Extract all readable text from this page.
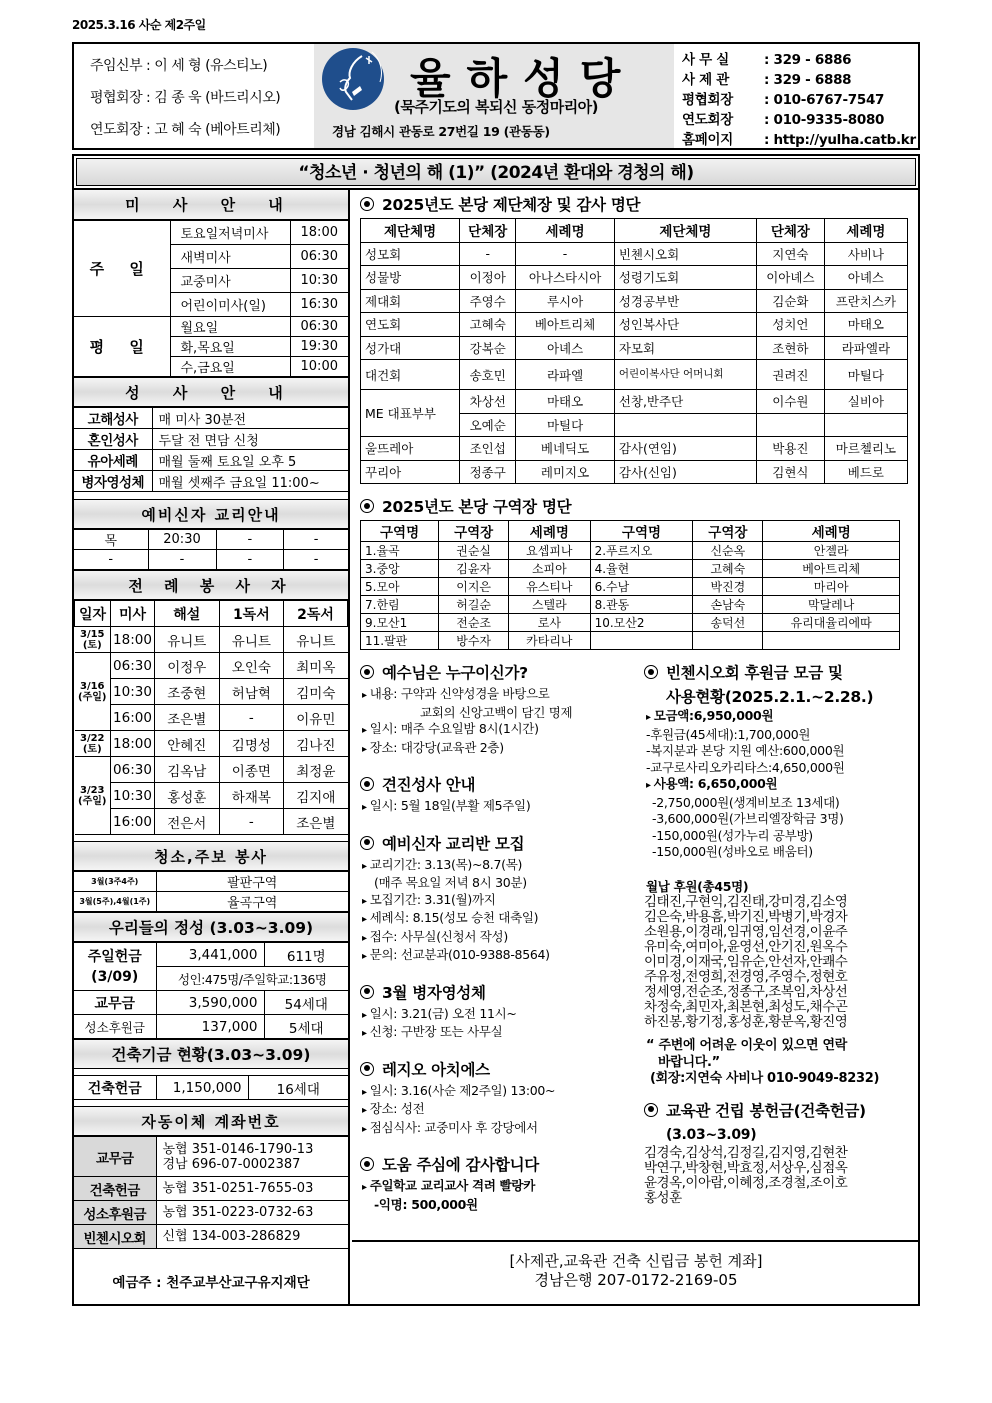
2025.3.16 사순 제2주일
주임신부 : 이 세 형 (유스티노)
평협회장 : 김 종 욱 (바드리시오)
연도회장 : 고 혜 숙 (베아트리체)
율하성당
(묵주기도의 복되신 동정마리아)
경남 김해시 관동로 27번길 19 (관동동)
사 무 실	: 329 - 6886
사 제 관	: 329 - 6888
평협회장 : 010-6767-7547
연도회장 : 010-9335-8080
홈페이지 : http://yulha.catb.kr
“청소년 · 청년의 해 (1)” (2024년 환대와 경청의 해)
미 사 안 내
주 일	토요일저녁미사	18:00
	새벽미사	06:30
	교중미사	10:30
	어린이미사(일)	16:30
평 일	월요일	06:30
	화,목요일	19:30
	수,금요일	10:00
성 사 안 내
고해성사	매 미사 30분전
혼인성사	두달 전 면담 신청
유아세례	매월 둘째 토요일 오후 5
병자영성체	매월 셋째주 금요일 11:00~
예비신자 교리안내
목	20:30	-	-
-	-	-	-
전 례 봉 사 자
일자	미사	해설	1독서	2독서
3/15
(토)	18:00	유니트	유니트	유니트
3/16
(주일)	06:30	이정우	오인숙	최미옥
	10:30	조중현	허남혁	김미숙
	16:00	조은별	-	이유민
3/22
(토)	18:00	안혜진	김명성	김나진
3/23
(주일)	06:30	김옥남	이종면	최정윤
	10:30	홍성훈	하재복	김지애
	16:00	전은서	-	조은별
청소,주보 봉사
3월(3주4주)	팔판구역
3월(5주),4월(1주)	율곡구역
우리들의 정성 (3.03~3.09)
주일헌금
(3/09)	3,441,000	611명
	성인:475명/주일학교:136명	
교무금	3,590,000	54세대
성소후원금	137,000	5세대
건축기금 현황(3.03~3.09)
건축헌금	1,150,000	16세대
자동이체 계좌번호
교무금	농협 351-0146-1790-13
경남 696-07-0002387
건축헌금	농협 351-0251-7655-03
성소후원금	농협 351-0223-0732-63
빈첸시오회	신협 134-003-286829
예금주 : 천주교부산교구유지재단
2025년도 본당 제단체장 및 감사 명단
제단체명	단체장	세례명	제단체명	단체장	세례명
성모회	-	-	빈첸시오회	지연숙	사비나
성물방	이정아	아나스타시아	성령기도회	이아녜스	아녜스
제대회	주영수	루시아	성경공부반	김순화	프란치스카
연도회	고혜숙	베아트리체	성인복사단	성치언	마태오
성가대	강복순	아녜스	자모회	조현하	라파엘라
대건회	송호민	라파엘	어린이복사단 어머니회	권려진	마틸다
ME 대표부부	차상선	마태오	선창,반주단	이수원	실비아
	오예순	마틸다			
울뜨레아	조인섭	베네딕도	감사(연임)	박용진	마르첼리노
꾸리아	정종구	레미지오	감사(신임)	김현식	베드로
2025년도 본당 구역장 명단
구역명	구역장	세례명	구역명	구역장	세례명
1.율곡	권순실	요셉피나	2.푸르지오	신순옥	안젤라
3.중앙	김윤자	소피아	4.율현	고혜숙	베아트리체
5.모아	이지은	유스티나	6.수남	박진경	마리아
7.한림	허길순	스텔라	8.관동	손남숙	막달레나
9.모산1	전순조	로사	10.모산2	송덕선	유리대율리에따
11.팔판	방수자	카타리나			
예수님은 누구이신가?
▸ 내용: 구약과 신약성경을 바탕으로
교회의 신앙고백이 담긴 명제
▸ 일시: 매주 수요일밤 8시(1시간)
▸ 장소: 대강당(교육관 2층)
견진성사 안내
▸ 일시: 5월 18일(부활 제5주일)
예비신자 교리반 모집
▸ 교리기간: 3.13(목)~8.7(목)
(매주 목요일 저녁 8시 30분)
▸ 모집기간: 3.31(월)까지
▸ 세례식: 8.15(성모 승천 대축일)
▸ 접수: 사무실(신청서 작성)
▸ 문의: 선교분과(010-9388-8564)
3월 병자영성체
▸ 일시: 3.21(금) 오전 11시~
▸ 신청: 구반장 또는 사무실
레지오 아치에스
▸ 일시: 3.16(사순 제2주일) 13:00~
▸ 장소: 성전
▸ 점심식사: 교중미사 후 강당에서
도움 주심에 감사합니다
▸ 주일학교 교리교사 격려 빨랑카
-익명: 500,000원
빈첸시오회 후원금 모금 및
사용현황(2025.2.1.~2.28.)
▸ 모금액:6,950,000원
-후원금(45세대):1,700,000원
-복지분과 본당 지원 예산:600,000원
-교구로사리오카리타스:4,650,000원
▸ 사용액: 6,650,000원
-2,750,000원(생계비보조 13세대)
-3,600,000원(가브리엘장학금 3명)
-150,000원(성가누리 공부방)
-150,000원(성바오로 배움터)
월납 후원(총45명)
김태진,구현익,김진태,강미경,김소영
김은숙,박용흠,박기진,박병기,박경자
소원용,이경래,임귀영,임선경,이윤주
유미숙,여미아,윤영선,안기진,원옥수
이미경,이재국,임유순,안선자,안쾌수
주유정,전영희,전경영,주영수,정현호
정세영,전순조,정종구,조복임,차상선
차정숙,최민자,최본현,최성도,채수곤
하진봉,황기정,홍성훈,황분옥,황진영
“ 주변에 어려운 이웃이 있으면 연락
바랍니다.”
(회장:지연숙 사비나 010-9049-8232)
교육관 건립 봉헌금(건축헌금)
(3.03~3.09)
김경숙,김상석,김정길,김지영,김현찬
박연구,박창현,박효정,서상우,심점옥
윤경옥,이아람,이혜정,조경철,조이호
홍성훈
[사제관,교육관 건축 신립금 봉헌 계좌]
경남은행 207-0172-2169-05
